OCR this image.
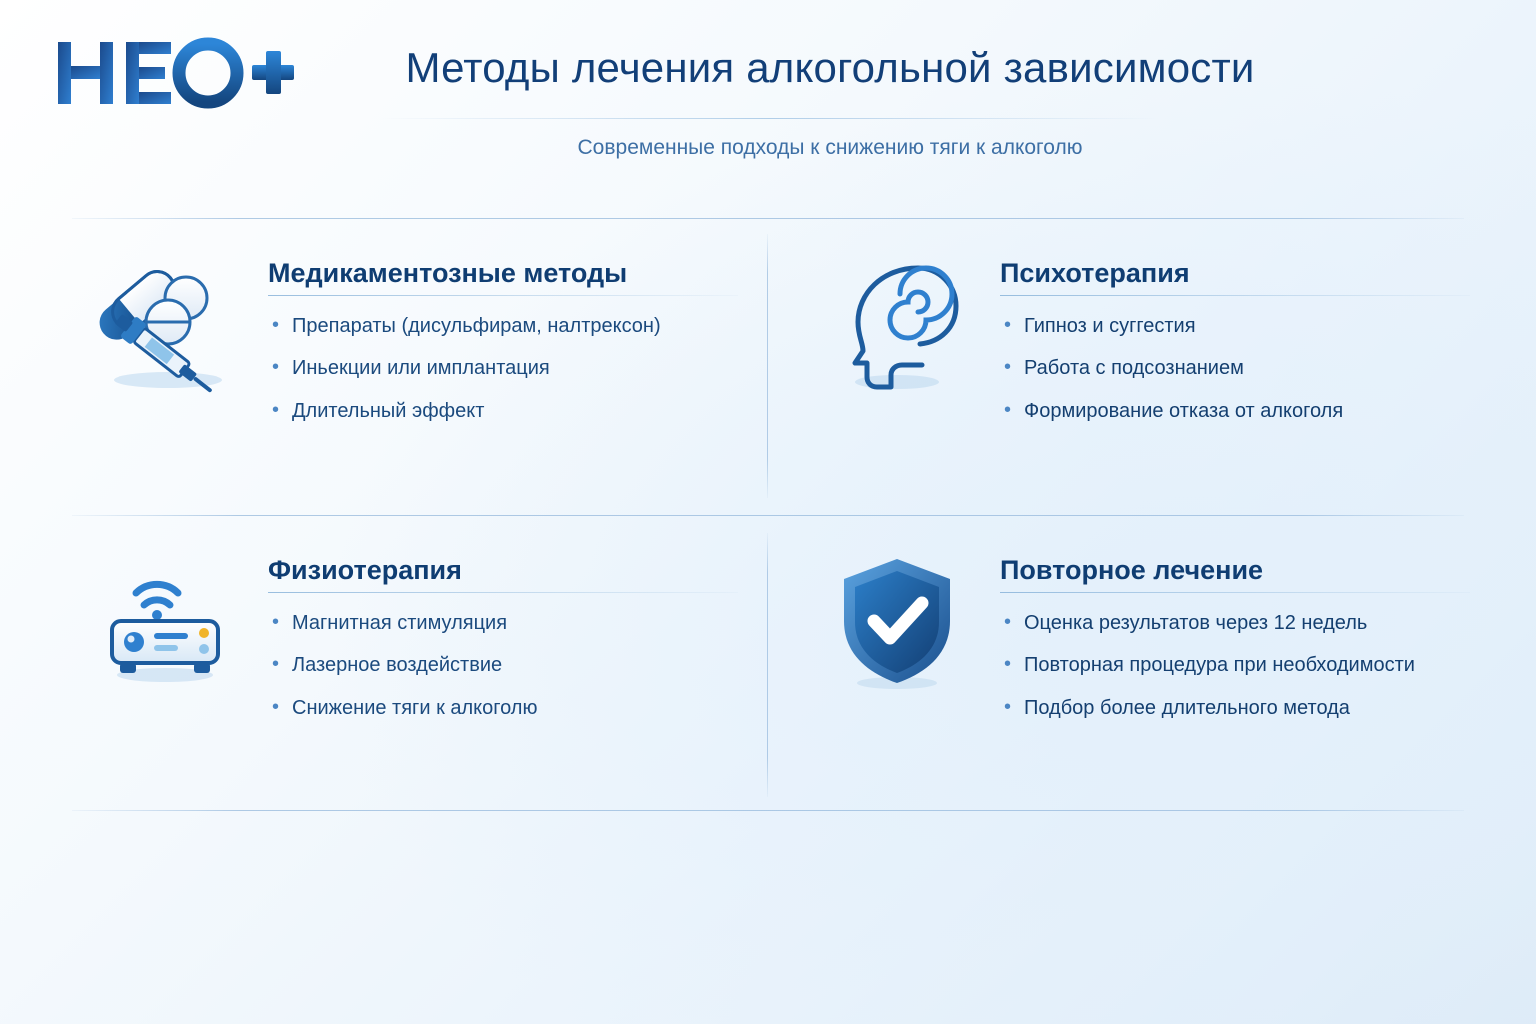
Методы лечения алкогольной зависимости
Современные подходы к снижению тяги к алкоголю
Медикаментозные методы
• Препараты (дисульфирам, налтрексон)
• Иньекции или имплантация
• Длительный эффект
Психотерапия
• Гипноз и суггестия
• Работа с подсознанием
• Формирование отказа от алкоголя
Физиотерапия
• Магнитная стимуляция
• Лазерное воздействие
• Снижение тяги к алкоголю
Повторное лечение
• Оценка результатов через 12 недель
• Повторная процедура при необходимости
• Подбор более длительного метода
